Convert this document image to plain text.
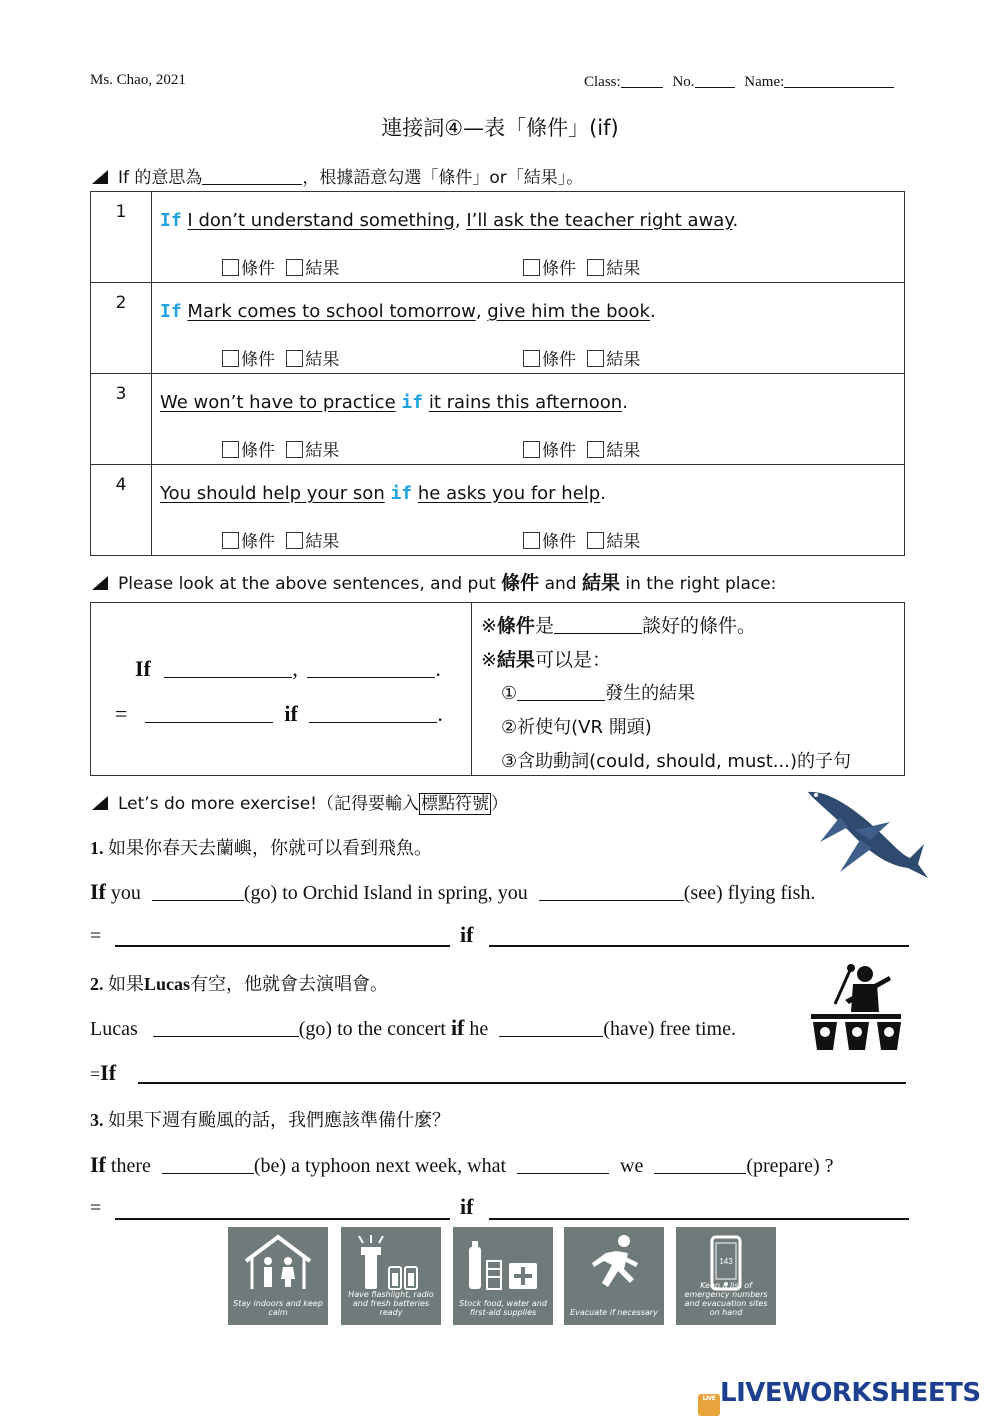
Ms. Chao, 2021	Class:	No.	Name:
連接詞④—表「條件」(if)
If 的意思為	，根據語意勾選「條件」or「結果」。
1	If I don’t understand something, I’ll ask the teacher right away.
條件 結果 條件 結果

2	If Mark comes to school tomorrow, give him the book.
條件 結果 條件 結果

3	We won’t have to practice if it rains this afternoon.
條件 結果 條件 結果

4	You should help your son if he asks you for help.
條件 結果 條件 結果
Please look at the above sentences, and put 條件 and 結果 in the right place:
If	,	.
=	if	.
※條件是	談好的條件。
※結果可以是：
①	發生的結果
②祈使句(VR 開頭)
③含助動詞(could, should, must...)的子句
Let’s do more exercise!（記得要輸入 標點符號 ）
1. 如果你春天去蘭嶼，你就可以看到飛魚。
If you	(go) to Orchid Island in spring, you	(see) flying fish.
=	if
2. 如果Lucas有空，他就會去演唱會。
Lucas	(go) to the concert if he	(have) free time.
=If
3. 如果下週有颱風的話，我們應該準備什麼？
If there	(be) a typhoon next week, what	we	(prepare) ?
=	if
Stay indoors and keep calm
Have flashlight, radio and fresh batteries ready
Stock food, water and first-aid supplies	Evacuate if necessary
143
Keep a list of emergency numbers and evacuation sites on hand
LIVE LIVEWORKSHEETS
